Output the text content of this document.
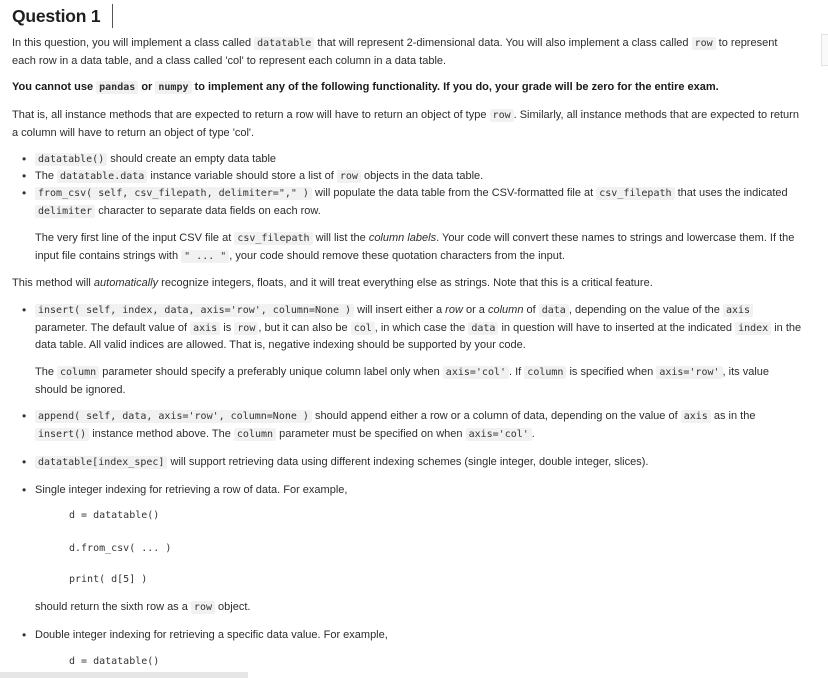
Question 1

In this question, you will implement a class called datatable that will represent 2-dimensional data. You will also implement a class called row to represent each row in a data table, and a class called 'col' to represent each column in a data table.

You cannot use pandas or numpy to implement any of the following functionality. If you do, your grade will be zero for the entire exam.

That is, all instance methods that are expected to return a row will have to return an object of type row . Similarly, all instance methods that are expected to return a column will have to return an object of type 'col'.

• datatable() should create an empty data table
• The datatable.data instance variable should store a list of row objects in the data table.
• from_csv( self, csv_filepath, delimiter="," ) will populate the data table from the CSV-formatted file at csv_filepath that uses the indicated delimiter character to separate data fields on each row.

The very first line of the input CSV file at csv_filepath will list the column labels. Your code will convert these names to strings and lowercase them. If the input file contains strings with " ... " , your code should remove these quotation characters from the input.

This method will automatically recognize integers, floats, and it will treat everything else as strings. Note that this is a critical feature.

• insert( self, index, data, axis='row', column=None ) will insert either a row or a column of data , depending on the value of the axis parameter. The default value of axis is row , but it can also be col , in which case the data in question will have to inserted at the indicated index in the data table. All valid indices are allowed. That is, negative indexing should be supported by your code.

The column parameter should specify a preferably unique column label only when axis='col' . If column is specified when axis='row' , its value should be ignored.

• append( self, data, axis='row', column=None ) should append either a row or a column of data, depending on the value of axis as in the insert() instance method above. The column parameter must be specified on when axis='col' .
• datatable[index_spec] will support retrieving data using different indexing schemes (single integer, double integer, slices).
• Single integer indexing for retrieving a row of data. For example,
d = datatable()
d.from_csv( ... )
print( d[5] )

should return the sixth row as a row object.

• Double integer indexing for retrieving a specific data value. For example,
d = datatable()
